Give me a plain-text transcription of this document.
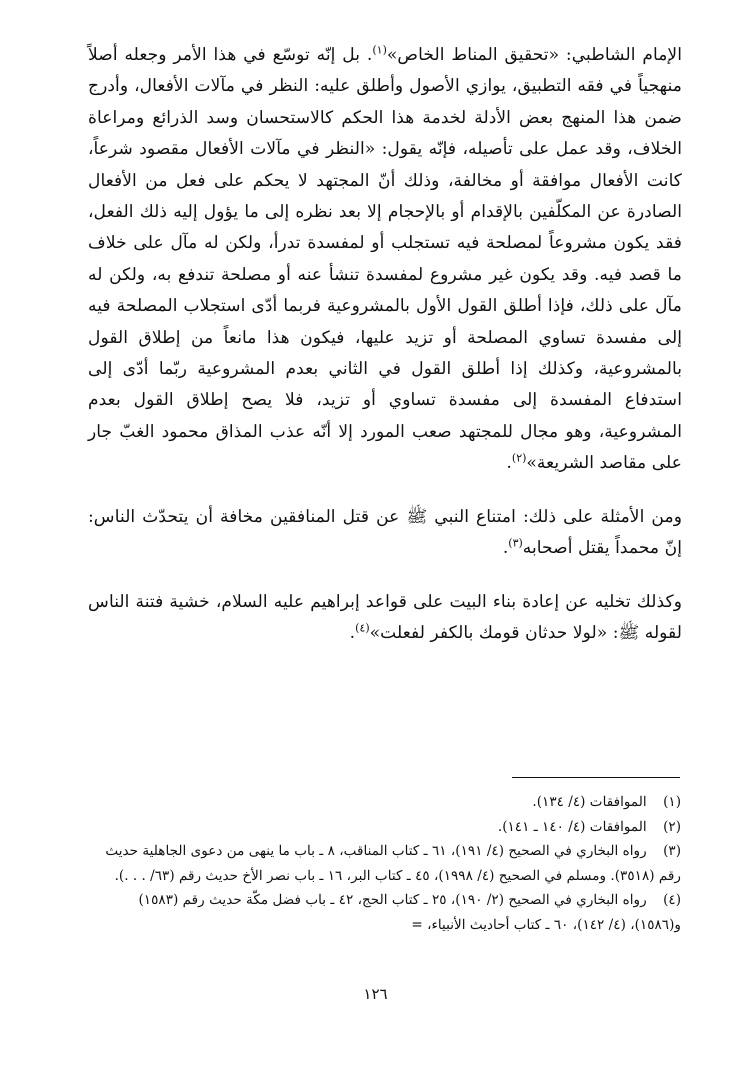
الإمام الشاطبي: «تحقيق المناط الخاص»$^{(١)}$. بل إنّه توسّع في هذا الأمر وجعله أصلاً منهجياً في فقه التطبيق، يوازي الأصول وأطلق عليه: النظر في مآلات الأفعال، وأدرج ضمن هذا المنهج بعض الأدلة لخدمة هذا الحكم كالاستحسان وسد الذرائع ومراعاة الخلاف، وقد عمل على تأصيله، فإنّه يقول: «النظر في مآلات الأفعال مقصود شرعاً، كانت الأفعال موافقة أو مخالفة، وذلك أنّ المجتهد لا يحكم على فعل من الأفعال الصادرة عن المكلّفين بالإقدام أو بالإحجام إلا بعد نظره إلى ما يؤول إليه ذلك الفعل، فقد يكون مشروعاً لمصلحة فيه تستجلب أو لمفسدة تدرأ، ولكن له مآل على خلاف ما قصد فيه. وقد يكون غير مشروع لمفسدة تنشأ عنه أو مصلحة تندفع به، ولكن له مآل على ذلك، فإذا أطلق القول الأول بالمشروعية فربما أدّى استجلاب المصلحة فيه إلى مفسدة تساوي المصلحة أو تزيد عليها، فيكون هذا مانعاً من إطلاق القول بالمشروعية، وكذلك إذا أطلق القول في الثاني بعدم المشروعية ربّما أدّى إلى استدفاع المفسدة إلى مفسدة تساوي أو تزيد، فلا يصح إطلاق القول بعدم المشروعية، وهو مجال للمجتهد صعب المورد إلا أنّه عذب المذاق محمود الغبّ جار على مقاصد الشريعة»$^{(٢)}$.

ومن الأمثلة على ذلك: امتناع النبي ﷺ عن قتل المنافقين مخافة أن يتحدّث الناس: إنّ محمداً يقتل أصحابه$^{(٣)}$.

وكذلك تخليه عن إعادة بناء البيت على قواعد إبراهيم عليه السلام، خشية فتنة الناس لقوله ﷺ: «لولا حدثان قومك بالكفر لفعلت»$^{(٤)}$.

(١) الموافقات (٤/ ١٣٤).
(٢) الموافقات (٤/ ١٤٠ ـ ١٤١).
(٣) رواه البخاري في الصحيح (٤/ ١٩١)، ٦١ ـ كتاب المناقب، ٨ ـ باب ما ينهى من دعوى الجاهلية حديث رقم (٣٥١٨). ومسلم في الصحيح (٤/ ١٩٩٨)، ٤٥ ـ كتاب البر، ١٦ ـ باب نصر الأخ حديث رقم (٦٣/ . . .).
(٤) رواه البخاري في الصحيح (٢/ ١٩٠)، ٢٥ ـ كتاب الحج، ٤٢ ـ باب فضل مكّة حديث رقم (١٥٨٣) و(١٥٨٦)، (٤/ ١٤٢)، ٦٠ ـ كتاب أحاديث الأنبياء، =
١٢٦
